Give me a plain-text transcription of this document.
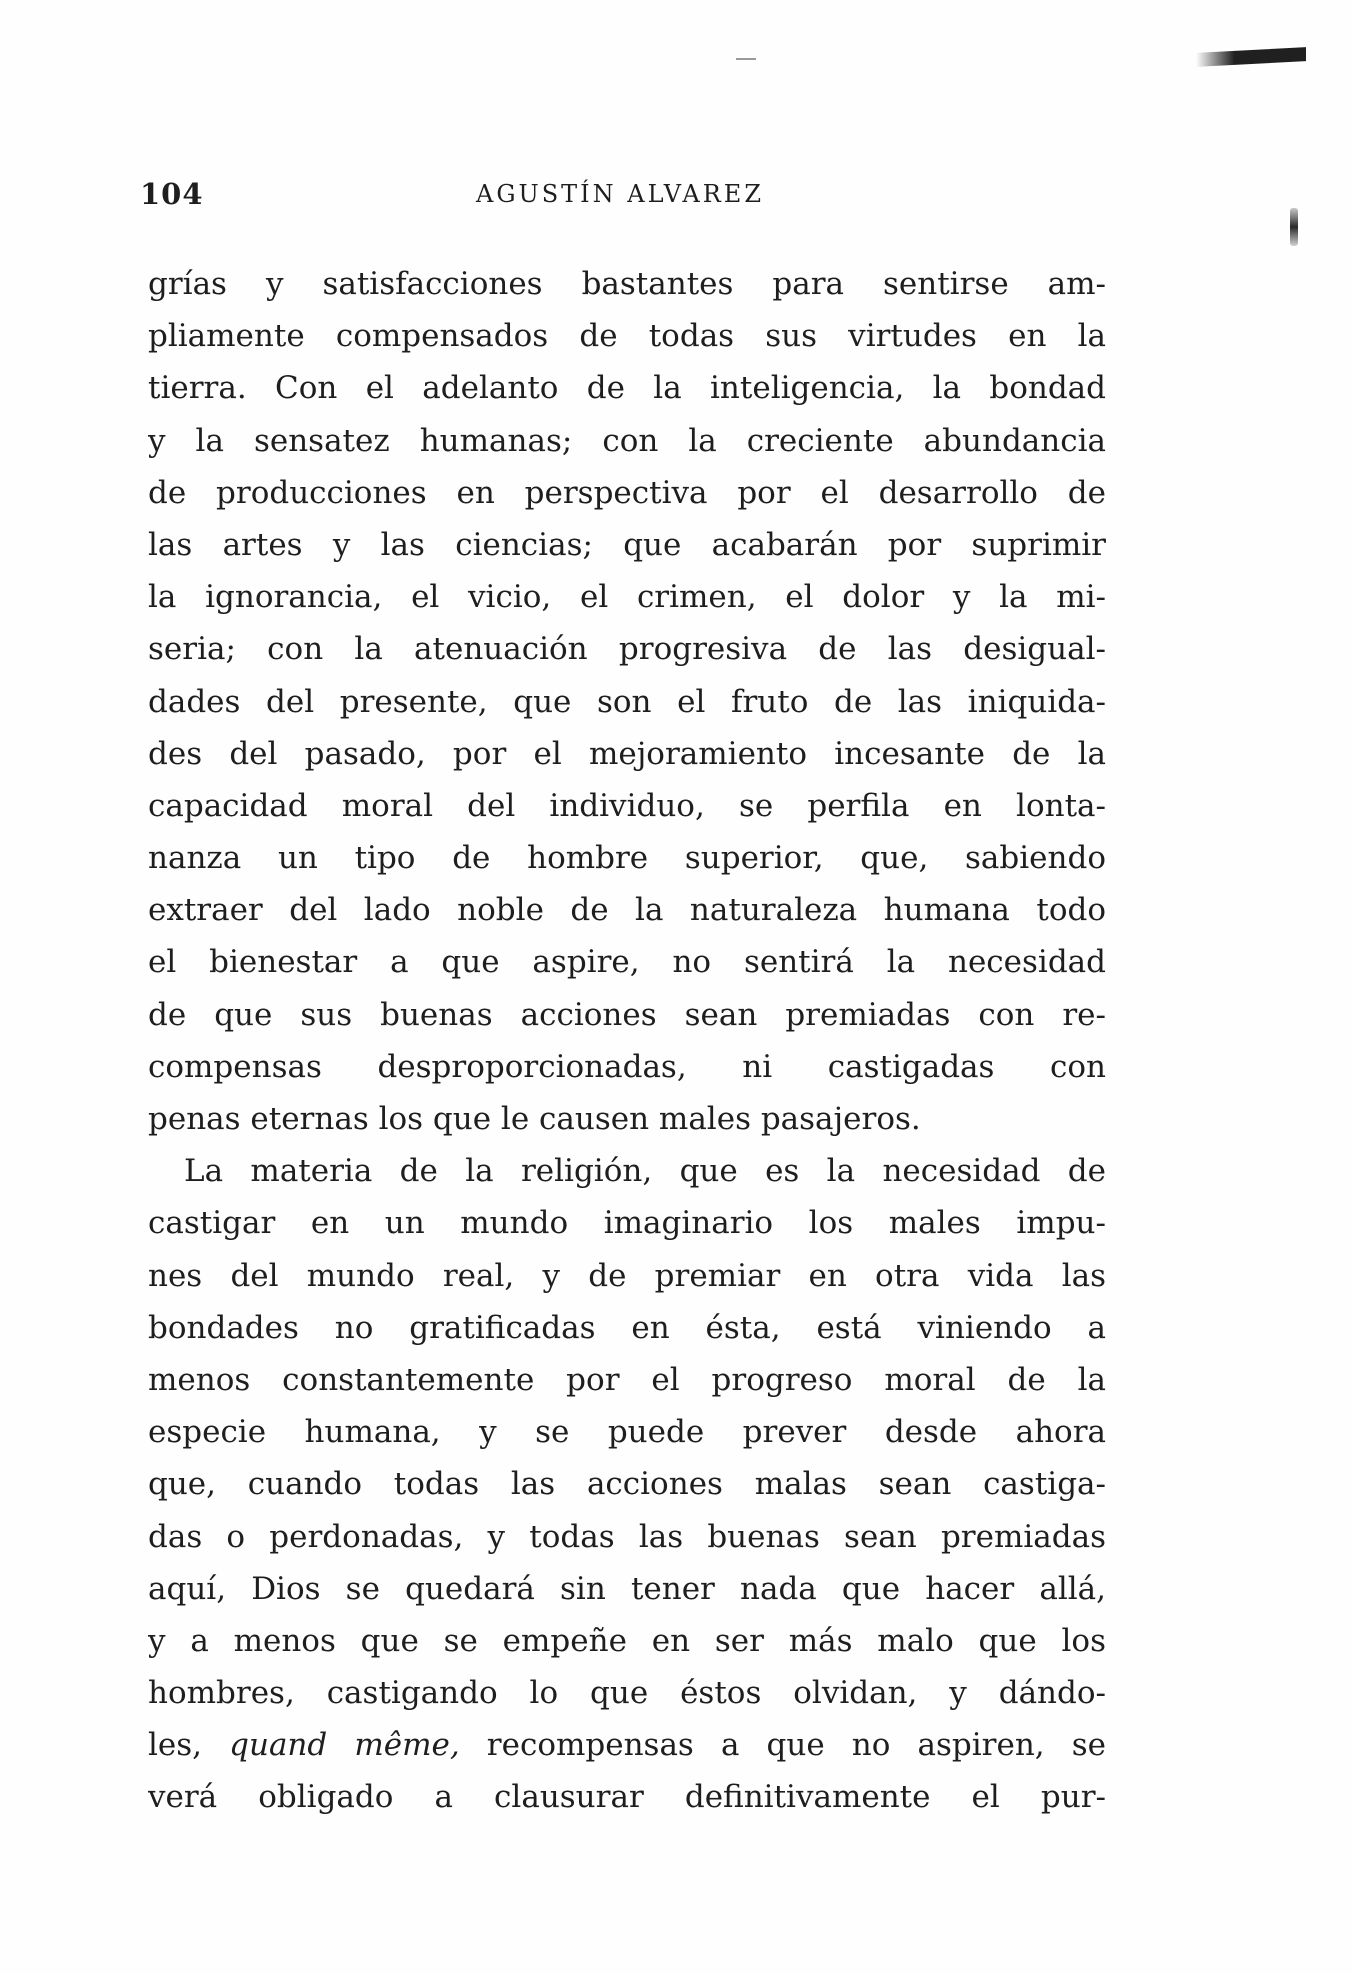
104	AGUSTÍN ALVAREZ
grías y satisfacciones bastantes para sentirse am-
pliamente compensados de todas sus virtudes en la
tierra. Con el adelanto de la inteligencia, la bondad
y la sensatez humanas; con la creciente abundancia
de producciones en perspectiva por el desarrollo de
las artes y las ciencias; que acabarán por suprimir
la ignorancia, el vicio, el crimen, el dolor y la mi-
seria; con la atenuación progresiva de las desigual-
dades del presente, que son el fruto de las iniquida-
des del pasado, por el mejoramiento incesante de la
capacidad moral del individuo, se perfila en lonta-
nanza un tipo de hombre superior, que, sabiendo
extraer del lado noble de la naturaleza humana todo
el bienestar a que aspire, no sentirá la necesidad
de que sus buenas acciones sean premiadas con re-
compensas desproporcionadas, ni castigadas con
penas eternas los que le causen males pasajeros.
La materia de la religión, que es la necesidad de
castigar en un mundo imaginario los males impu-
nes del mundo real, y de premiar en otra vida las
bondades no gratificadas en ésta, está viniendo a
menos constantemente por el progreso moral de la
especie humana, y se puede prever desde ahora
que, cuando todas las acciones malas sean castiga-
das o perdonadas, y todas las buenas sean premiadas
aquí, Dios se quedará sin tener nada que hacer allá,
y a menos que se empeñe en ser más malo que los
hombres, castigando lo que éstos olvidan, y dándo-
les, quand même, recompensas a que no aspiren, se
verá obligado a clausurar definitivamente el pur-
